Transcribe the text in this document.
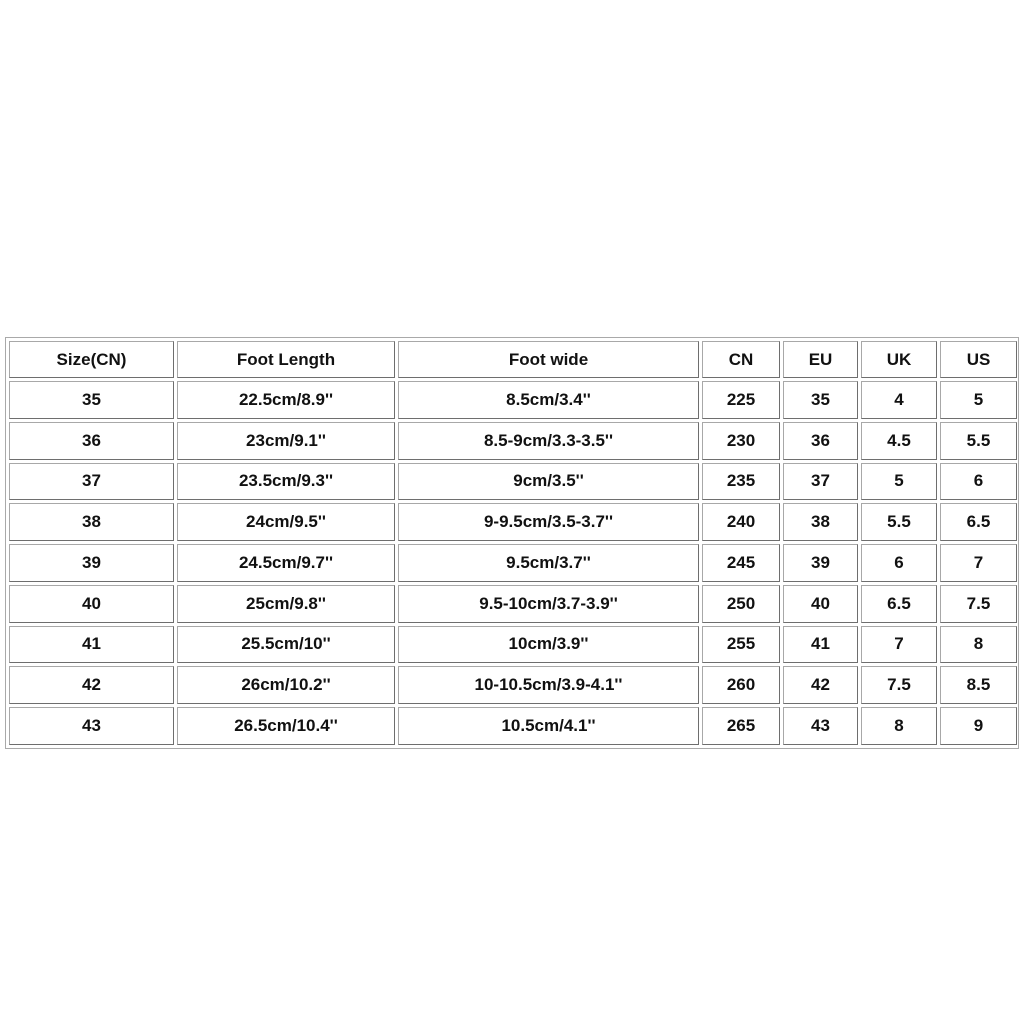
Size(CN)	Foot Length	Foot wide	CN	EU	UK	US
35	22.5cm/8.9''	8.5cm/3.4''	225	35	4	5
36	23cm/9.1''	8.5-9cm/3.3-3.5''	230	36	4.5	5.5
37	23.5cm/9.3''	9cm/3.5''	235	37	5	6
38	24cm/9.5''	9-9.5cm/3.5-3.7''	240	38	5.5	6.5
39	24.5cm/9.7''	9.5cm/3.7''	245	39	6	7
40	25cm/9.8''	9.5-10cm/3.7-3.9''	250	40	6.5	7.5
41	25.5cm/10''	10cm/3.9''	255	41	7	8
42	26cm/10.2''	10-10.5cm/3.9-4.1''	260	42	7.5	8.5
43	26.5cm/10.4''	10.5cm/4.1''	265	43	8	9
